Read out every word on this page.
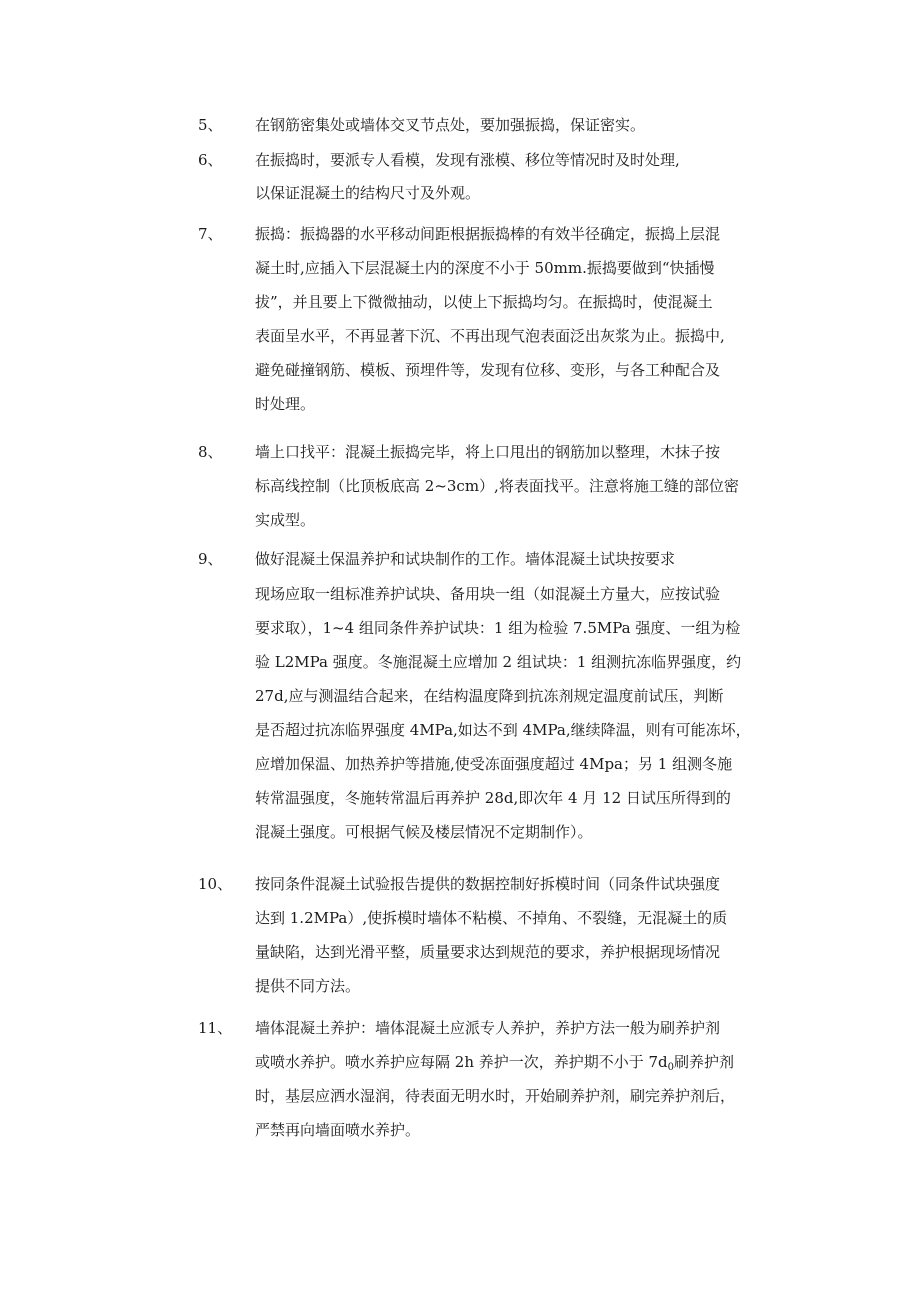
5、 在钢筋密集处或墙体交叉节点处，要加强振捣，保证密实。
6、 在振捣时，要派专人看模，发现有涨模、移位等情况时及时处理,
以保证混凝土的结构尺寸及外观。
7、 振捣：振捣器的水平移动间距根据振捣棒的有效半径确定，振捣上层混
凝土时,应插入下层混凝土内的深度不小于 50mm.振捣要做到“快插慢
拔”，并且要上下微微抽动，以使上下振捣均匀。在振捣时，使混凝土
表面呈水平，不再显著下沉、不再出现气泡表面泛出灰浆为止。振捣中,
避免碰撞钢筋、模板、预埋件等，发现有位移、变形，与各工种配合及
时处理。
8、 墙上口找平：混凝土振捣完毕，将上口甩出的钢筋加以整理，木抹子按
标高线控制（比顶板底高 2~3cm）,将表面找平。注意将施工缝的部位密
实成型。
9、 做好混凝土保温养护和试块制作的工作。墙体混凝土试块按要求
现场应取一组标准养护试块、备用块一组（如混凝土方量大，应按试验
要求取），1~4 组同条件养护试块：1 组为检验 7.5MPa 强度、一组为检
验 L2MPa 强度。冬施混凝土应增加 2 组试块：1 组测抗冻临界强度，约
27d,应与测温结合起来，在结构温度降到抗冻剂规定温度前试压，判断
是否超过抗冻临界强度 4MPa,如达不到 4MPa,继续降温，则有可能冻坏，
应增加保温、加热养护等措施,使受冻面强度超过 4Mpa；另 1 组测冬施
转常温强度，冬施转常温后再养护 28d,即次年 4 月 12 日试压所得到的
混凝土强度。可根据气候及楼层情况不定期制作）。
10、 按同条件混凝土试验报告提供的数据控制好拆模时间（同条件试块强度
达到 1.2MPa）,使拆模时墙体不粘模、不掉角、不裂缝，无混凝土的质
量缺陷，达到光滑平整，质量要求达到规范的要求，养护根据现场情况
提供不同方法。
11、 墙体混凝土养护：墙体混凝土应派专人养护，养护方法一般为刷养护剂
或喷水养护。喷水养护应每隔 2h 养护一次，养护期不小于 $7d_0$刷养护剂
时，基层应洒水湿润，待表面无明水时，开始刷养护剂，刷完养护剂后，
严禁再向墙面喷水养护。
